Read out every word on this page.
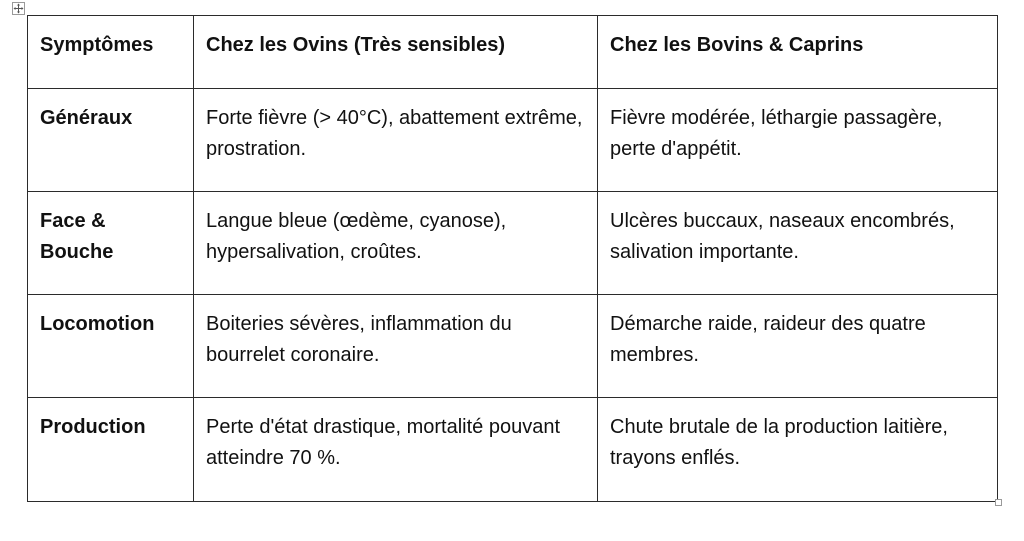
Symptômes	Chez les Ovins (Très sensibles)	Chez les Bovins & Caprins
Généraux	Forte fièvre (> 40°C), abattement extrême, prostration.	Fièvre modérée, léthargie passagère, perte d'appétit.
Face & Bouche	Langue bleue (œdème, cyanose), hypersalivation, croûtes.	Ulcères buccaux, naseaux encombrés, salivation importante.
Locomotion	Boiteries sévères, inflammation du bourrelet coronaire.	Démarche raide, raideur des quatre membres.
Production	Perte d'état drastique, mortalité pouvant atteindre 70 %.	Chute brutale de la production laitière, trayons enflés.
